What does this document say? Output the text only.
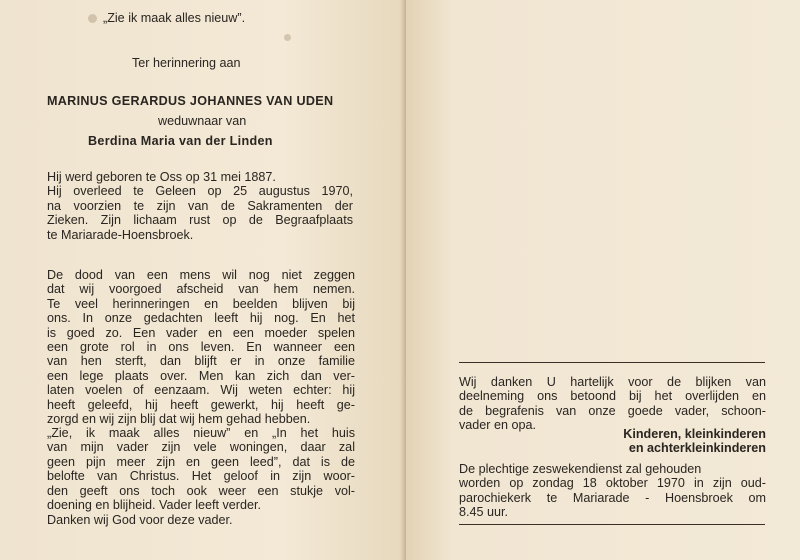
„Zie ik maak alles nieuw”.
Ter herinnering aan
MARINUS GERARDUS JOHANNES VAN UDEN
weduwnaar van
Berdina Maria van der Linden
Hij werd geboren te Oss op 31 mei 1887.
Hij overleed te Geleen op 25 augustus 1970,
na voorzien te zijn van de Sakramenten der
Zieken. Zijn lichaam rust op de Begraafplaats
te Mariarade-Hoensbroek.
De dood van een mens wil nog niet zeggen
dat wij voorgoed afscheid van hem nemen.
Te veel herinneringen en beelden blijven bij
ons. In onze gedachten leeft hij nog. En het
is goed zo. Een vader en een moeder spelen
een grote rol in ons leven. En wanneer een
van hen sterft, dan blijft er in onze familie
een lege plaats over. Men kan zich dan ver-
laten voelen of eenzaam. Wij weten echter: hij
heeft geleefd, hij heeft gewerkt, hij heeft ge-
zorgd en wij zijn blij dat wij hem gehad hebben.
„Zie, ik maak alles nieuw” en „In het huis
van mijn vader zijn vele woningen, daar zal
geen pijn meer zijn en geen leed”, dat is de
belofte van Christus. Het geloof in zijn woor-
den geeft ons toch ook weer een stukje vol-
doening en blijheid. Vader leeft verder.
Danken wij God voor deze vader.
Wij danken U hartelijk voor de blijken van
deelneming ons betoond bij het overlijden en
de begrafenis van onze goede vader, schoon-
vader en opa.
Kinderen, kleinkinderen
en achterkleinkinderen
De plechtige zeswekendienst zal gehouden
worden op zondag 18 oktober 1970 in zijn oud-
parochiekerk te Mariarade - Hoensbroek om
8.45 uur.
